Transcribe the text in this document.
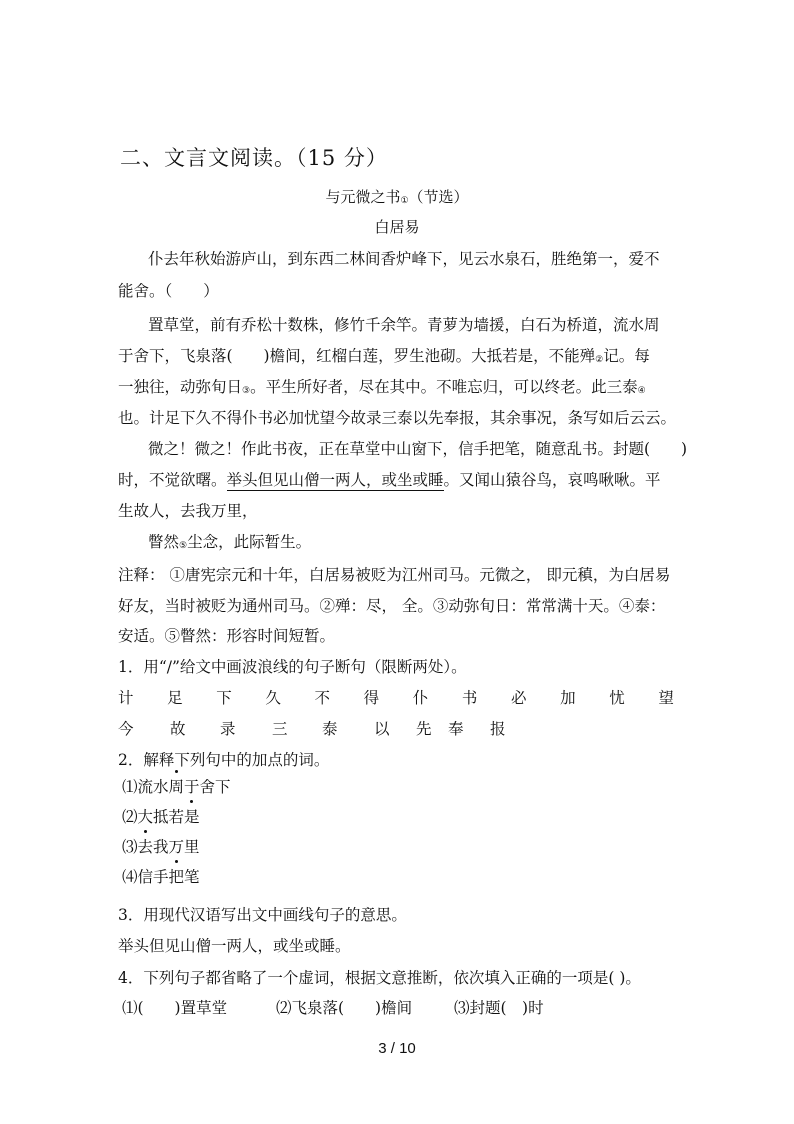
二、文言文阅读。（15 分）
与元微之书$_①$（节选）
白居易
仆去年秋始游庐山，到东西二林间香炉峰下，见云水泉石，胜绝第一，爱不
能舍。（　　）
置草堂，前有乔松十数株，修竹千余竿。青萝为墙援，白石为桥道，流水周
于舍下，飞泉落(　　)檐间，红榴白莲，罗生池砌。大抵若是，不能殚$_②$记。每
一独往，动弥旬日$_③$。平生所好者，尽在其中。不唯忘归，可以终老。此三泰$_④$
也。计足下久不得仆书必加忧望今故录三泰以先奉报，其余事况，条写如后云云。
微之！微之！作此书夜，正在草堂中山窗下，信手把笔，随意乱书。封题(　　)
时，不觉欲曙。举头但见山僧一两人，或坐或睡。又闻山猿谷鸟，哀鸣啾啾。平
生故人，去我万里，
瞥然$_⑤$尘念，此际暂生。
注释： ①唐宪宗元和十年，白居易被贬为江州司马。元微之， 即元稹，为白居易
好友，当时被贬为通州司马。②殚：尽， 全。③动弥旬日：常常满十天。④泰：
安适。⑤瞥然：形容时间短暂。
1．用“/”给文中画波浪线的句子断句（限断两处）。
计 足 下 久 不 得 仆 书 必 加 忧 望
今 故 录 三 泰 以 先 奉 报
2．解释下列句中的加点的词。
⑴流水周于舍下
⑵大抵若是
⑶去我万里
⑷信手把笔
3．用现代汉语写出文中画线句子的意思。
举头但见山僧一两人，或坐或睡。
4．下列句子都省略了一个虚词，根据文意推断，依次填入正确的一项是( )。
⑴(　　)置草堂	⑵飞泉落(　　)檐间	⑶封题(　)时
3 / 10
